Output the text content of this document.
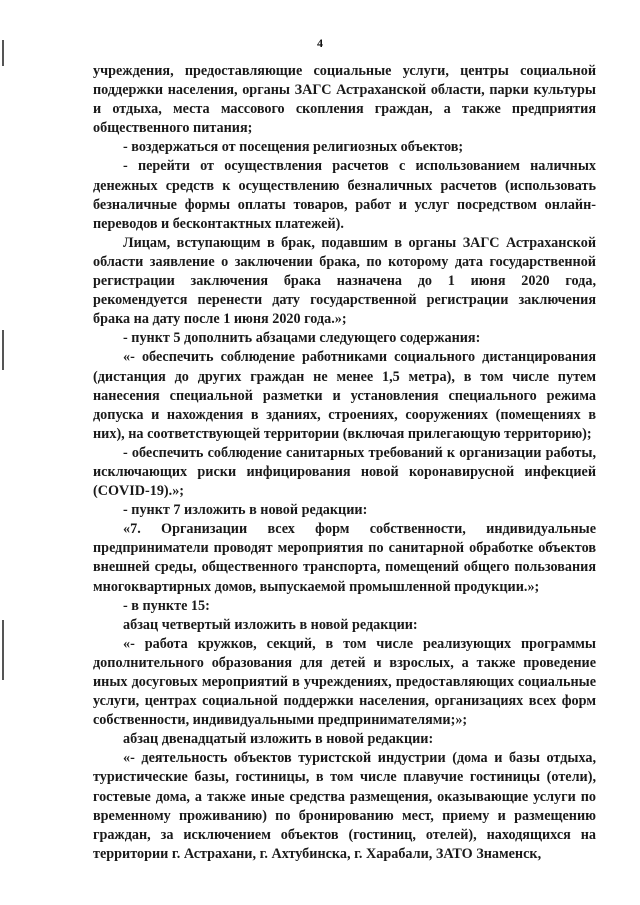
4

учреждения, предоставляющие социальные услуги, центры социальной поддержки населения, органы ЗАГС Астраханской области, парки культуры и отдыха, места массового скопления граждан, а также предприятия общественного питания;

- воздержаться от посещения религиозных объектов;

- перейти от осуществления расчетов с использованием наличных денежных средств к осуществлению безналичных расчетов (использовать безналичные формы оплаты товаров, работ и услуг посредством онлайн-переводов и бесконтактных платежей).

Лицам, вступающим в брак, подавшим в органы ЗАГС Астраханской области заявление о заключении брака, по которому дата государственной регистрации заключения брака назначена до 1 июня 2020 года, рекомендуется перенести дату государственной регистрации заключения брака на дату после 1 июня 2020 года.»;

- пункт 5 дополнить абзацами следующего содержания:

«- обеспечить соблюдение работниками социального дистанцирования (дистанция до других граждан не менее 1,5 метра), в том числе путем нанесения специальной разметки и установления специального режима допуска и нахождения в зданиях, строениях, сооружениях (помещениях в них), на соответствующей территории (включая прилегающую территорию);

- обеспечить соблюдение санитарных требований к организации работы, исключающих риски инфицирования новой коронавирусной инфекцией (COVID-19).»;

- пункт 7 изложить в новой редакции:

«7. Организации всех форм собственности, индивидуальные предприниматели проводят мероприятия по санитарной обработке объектов внешней среды, общественного транспорта, помещений общего пользования многоквартирных домов, выпускаемой промышленной продукции.»;

- в пункте 15:

абзац четвертый изложить в новой редакции:

«- работа кружков, секций, в том числе реализующих программы дополнительного образования для детей и взрослых, а также проведение иных досуговых мероприятий в учреждениях, предоставляющих социальные услуги, центрах социальной поддержки населения, организациях всех форм собственности, индивидуальными предпринимателями;»;

абзац двенадцатый изложить в новой редакции:

«- деятельность объектов туристской индустрии (дома и базы отдыха, туристические базы, гостиницы, в том числе плавучие гостиницы (отели), гостевые дома, а также иные средства размещения, оказывающие услуги по временному проживанию) по бронированию мест, приему и размещению граждан, за исключением объектов (гостиниц, отелей), находящихся на территории г. Астрахани, г. Ахтубинска, г. Харабали, ЗАТО Знаменск,
